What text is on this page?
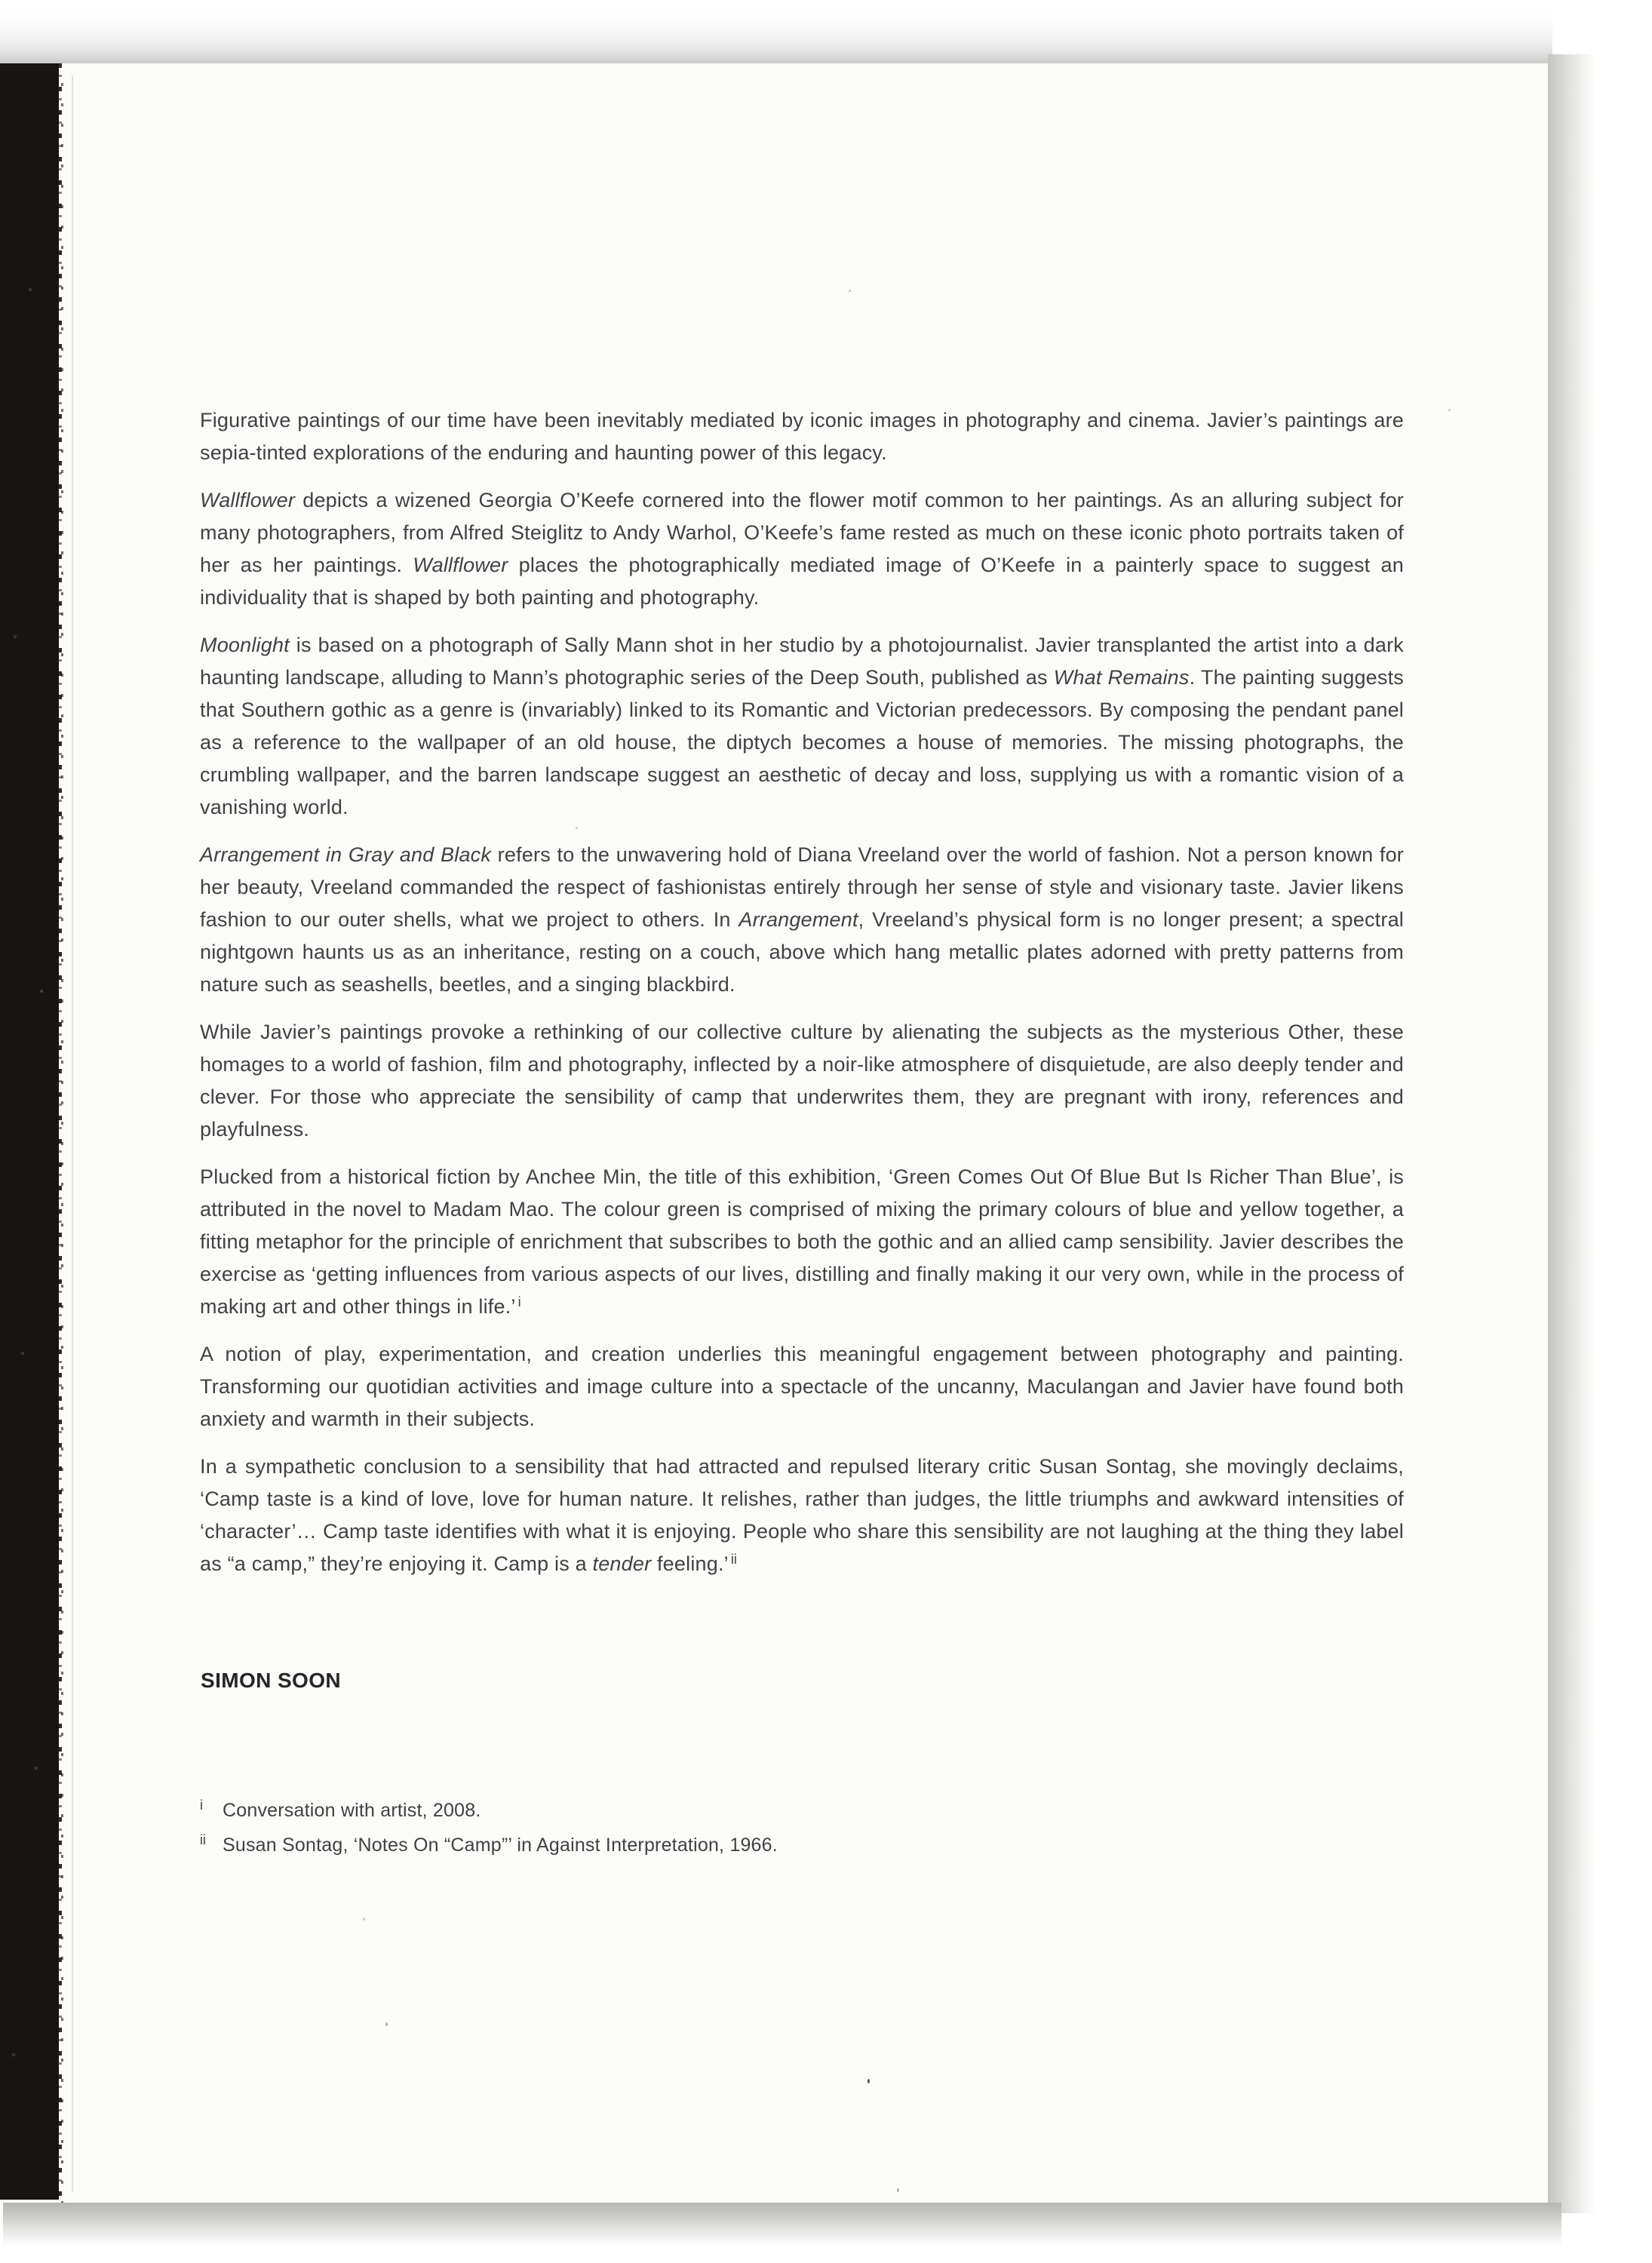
Figurative paintings of our time have been inevitably mediated by iconic images in photography and cinema. Javier’s paintings are sepia-tinted explorations of the enduring and haunting power of this legacy.

Wallflower depicts a wizened Georgia O’Keefe cornered into the flower motif common to her paintings. As an alluring subject for many photographers, from Alfred Steiglitz to Andy Warhol, O’Keefe’s fame rested as much on these iconic photo portraits taken of her as her paintings. Wallflower places the photographically mediated image of O’Keefe in a painterly space to suggest an individuality that is shaped by both painting and photography.

Moonlight is based on a photograph of Sally Mann shot in her studio by a photojournalist. Javier transplanted the artist into a dark haunting landscape, alluding to Mann’s photographic series of the Deep South, published as What Remains. The painting suggests that Southern gothic as a genre is (invariably) linked to its Romantic and Victorian predecessors. By composing the pendant panel as a reference to the wallpaper of an old house, the diptych becomes a house of memories. The missing photographs, the crumbling wallpaper, and the barren landscape suggest an aesthetic of decay and loss, supplying us with a romantic vision of a vanishing world.

Arrangement in Gray and Black refers to the unwavering hold of Diana Vreeland over the world of fashion. Not a person known for her beauty, Vreeland commanded the respect of fashionistas entirely through her sense of style and visionary taste. Javier likens fashion to our outer shells, what we project to others. In Arrangement, Vreeland’s physical form is no longer present; a spectral nightgown haunts us as an inheritance, resting on a couch, above which hang metallic plates adorned with pretty patterns from nature such as seashells, beetles, and a singing blackbird.

While Javier’s paintings provoke a rethinking of our collective culture by alienating the subjects as the mysterious Other, these homages to a world of fashion, film and photography, inflected by a noir-like atmosphere of disquietude, are also deeply tender and clever. For those who appreciate the sensibility of camp that underwrites them, they are pregnant with irony, references and playfulness.

Plucked from a historical fiction by Anchee Min, the title of this exhibition, ‘Green Comes Out Of Blue But Is Richer Than Blue’, is attributed in the novel to Madam Mao. The colour green is comprised of mixing the primary colours of blue and yellow together, a fitting metaphor for the principle of enrichment that subscribes to both the gothic and an allied camp sensibility. Javier describes the exercise as ‘getting influences from various aspects of our lives, distilling and finally making it our very own, while in the process of making art and other things in life.’ $^i$

A notion of play, experimentation, and creation underlies this meaningful engagement between photography and painting. Transforming our quotidian activities and image culture into a spectacle of the uncanny, Maculangan and Javier have found both anxiety and warmth in their subjects.

In a sympathetic conclusion to a sensibility that had attracted and repulsed literary critic Susan Sontag, she movingly declaims, ‘Camp taste is a kind of love, love for human nature. It relishes, rather than judges, the little triumphs and awkward intensities of ‘character’… Camp taste identifies with what it is enjoying. People who share this sensibility are not laughing at the thing they label as “a camp,” they’re enjoying it. Camp is a tender feeling.’ $^{ii}$

SIMON SOON
i	Conversation with artist, 2008.
ii Susan Sontag, ‘Notes On “Camp”’ in Against Interpretation, 1966.
